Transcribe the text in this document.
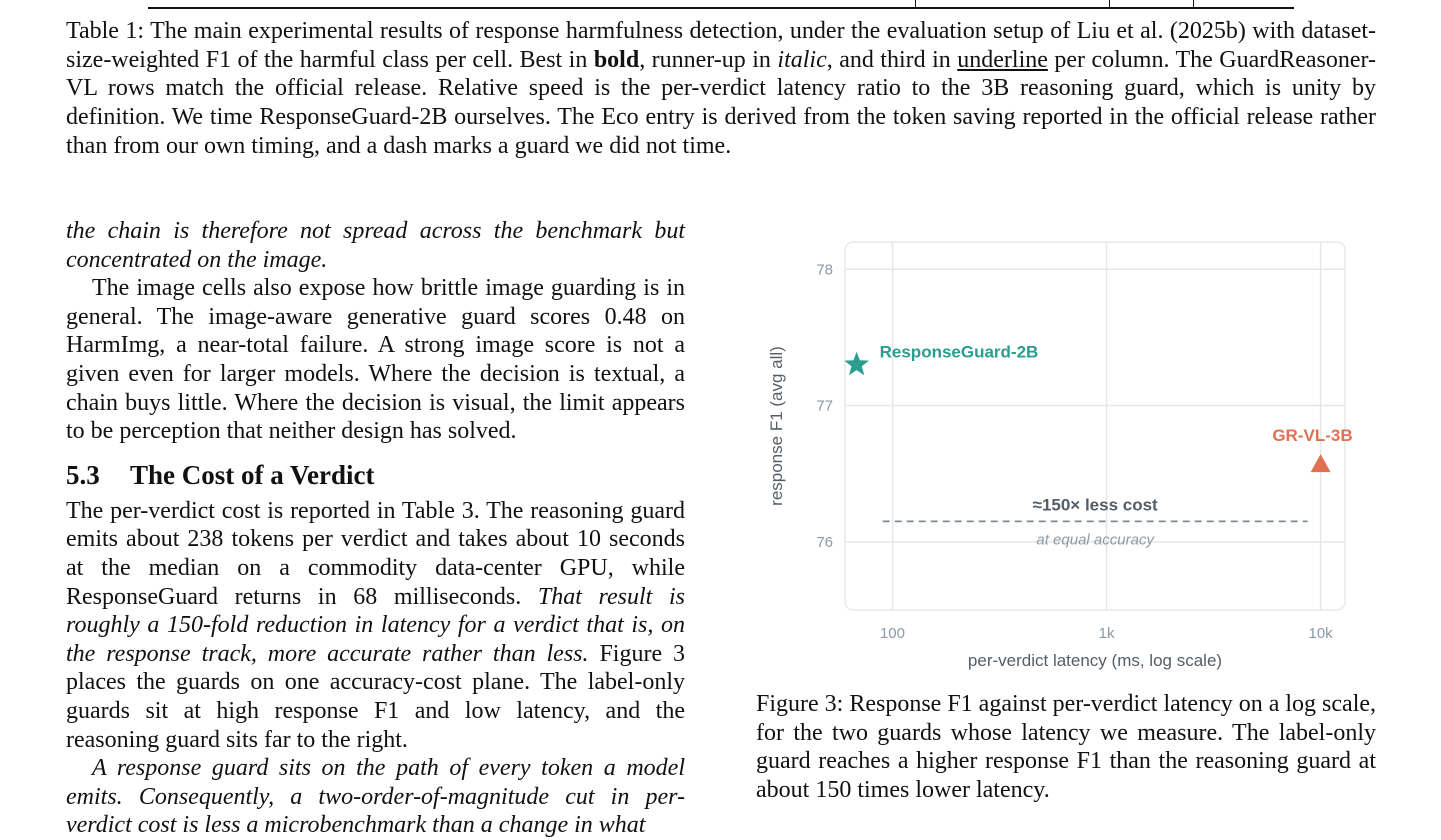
Table 1: The main experimental results of response harmfulness detection, under the evaluation setup of Liu et al. (2025b) with dataset-size-weighted F1 of the harmful class per cell. Best in bold, runner-up in italic, and third in underline per column. The GuardReasoner-VL rows match the official release. Relative speed is the per-verdict latency ratio to the 3B reasoning guard, which is unity by definition. We time ResponseGuard-2B ourselves. The Eco entry is derived from the token saving reported in the official release rather than from our own timing, and a dash marks a guard we did not time.

the chain is therefore not spread across the benchmark but concentrated on the image.

The image cells also expose how brittle image guarding is in general. The image-aware generative guard scores 0.48 on HarmImg, a near-total failure. A strong image score is not a given even for larger models. Where the decision is textual, a chain buys little. Where the decision is visual, the limit appears to be perception that neither design has solved.

5.3 The Cost of a Verdict

The per-verdict cost is reported in Table 3. The reasoning guard emits about 238 tokens per verdict and takes about 10 seconds at the median on a commodity data-center GPU, while ResponseGuard returns in 68 milliseconds. That result is roughly a 150-fold reduction in latency for a verdict that is, on the response track, more accurate rather than less. Figure 3 places the guards on one accuracy-cost plane. The label-only guards sit at high response F1 and low latency, and the reasoning guard sits far to the right.

A response guard sits on the path of every token a model emits. Consequently, a two-order-of-magnitude cut in per-verdict cost is less a microbenchmark than a change in what

≈150× less cost
at equal accuracy
100	1k	10k
76
77
78
ResponseGuard-2B
GR-VL-3B
per-verdict latency (ms, log scale)
response F1 (avg all)

Figure 3: Response F1 against per-verdict latency on a log scale, for the two guards whose latency we measure. The label-only guard reaches a higher response F1 than the reasoning guard at about 150 times lower latency.
